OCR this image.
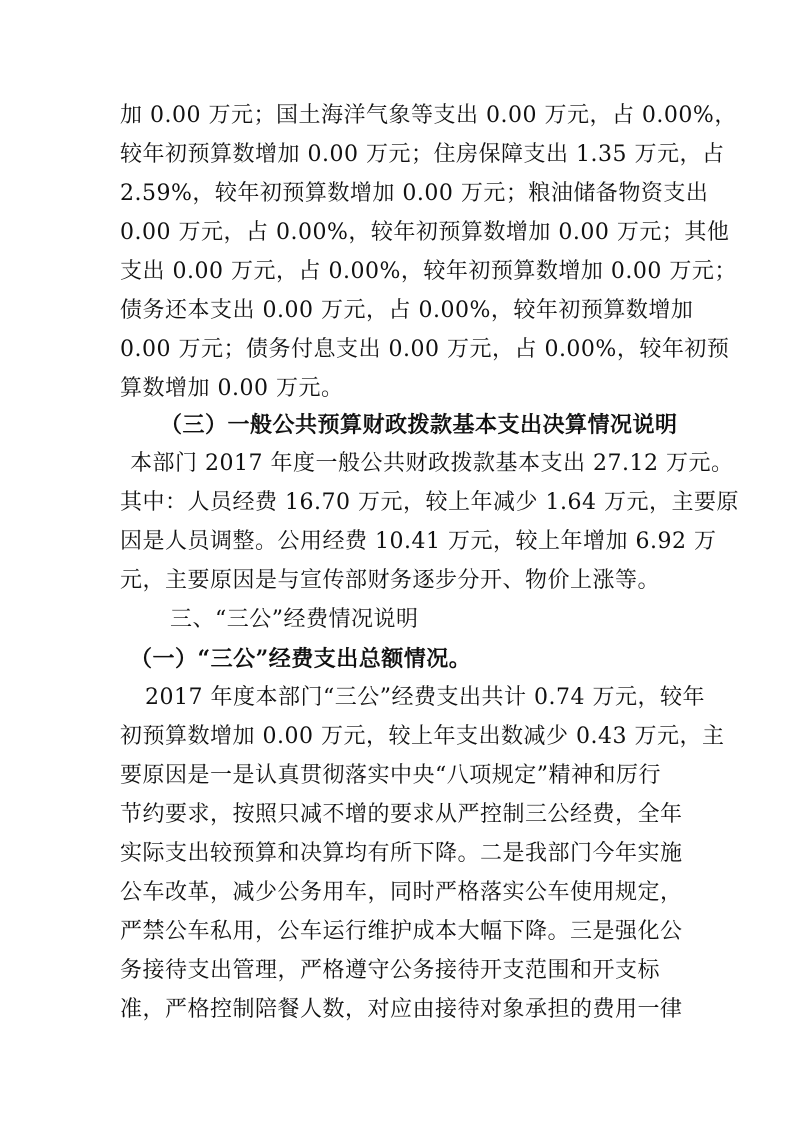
加 0.00 万元；国土海洋气象等支出 0.00 万元，占 0.00%，
较年初预算数增加 0.00 万元；住房保障支出 1.35 万元，占
2.59%，较年初预算数增加 0.00 万元；粮油储备物资支出
0.00 万元，占 0.00%，较年初预算数增加 0.00 万元；其他
支出 0.00 万元，占 0.00%，较年初预算数增加 0.00 万元；
债务还本支出 0.00 万元，占 0.00%，较年初预算数增加
0.00 万元；债务付息支出 0.00 万元，占 0.00%，较年初预
算数增加 0.00 万元。
（三）一般公共预算财政拨款基本支出决算情况说明
本部门 2017 年度一般公共财政拨款基本支出 27.12 万元。
其中：人员经费 16.70 万元，较上年减少 1.64 万元，主要原
因是人员调整。公用经费 10.41 万元，较上年增加 6.92 万
元，主要原因是与宣传部财务逐步分开、物价上涨等。
三、“三公”经费情况说明
（一）“三公”经费支出总额情况。
2017 年度本部门“三公”经费支出共计 0.74 万元，较年
初预算数增加 0.00 万元，较上年支出数减少 0.43 万元，主
要原因是一是认真贯彻落实中央“八项规定”精神和厉行
节约要求，按照只减不增的要求从严控制三公经费，全年
实际支出较预算和决算均有所下降。二是我部门今年实施
公车改革，减少公务用车，同时严格落实公车使用规定，
严禁公车私用，公车运行维护成本大幅下降。三是强化公
务接待支出管理，严格遵守公务接待开支范围和开支标
准，严格控制陪餐人数，对应由接待对象承担的费用一律
